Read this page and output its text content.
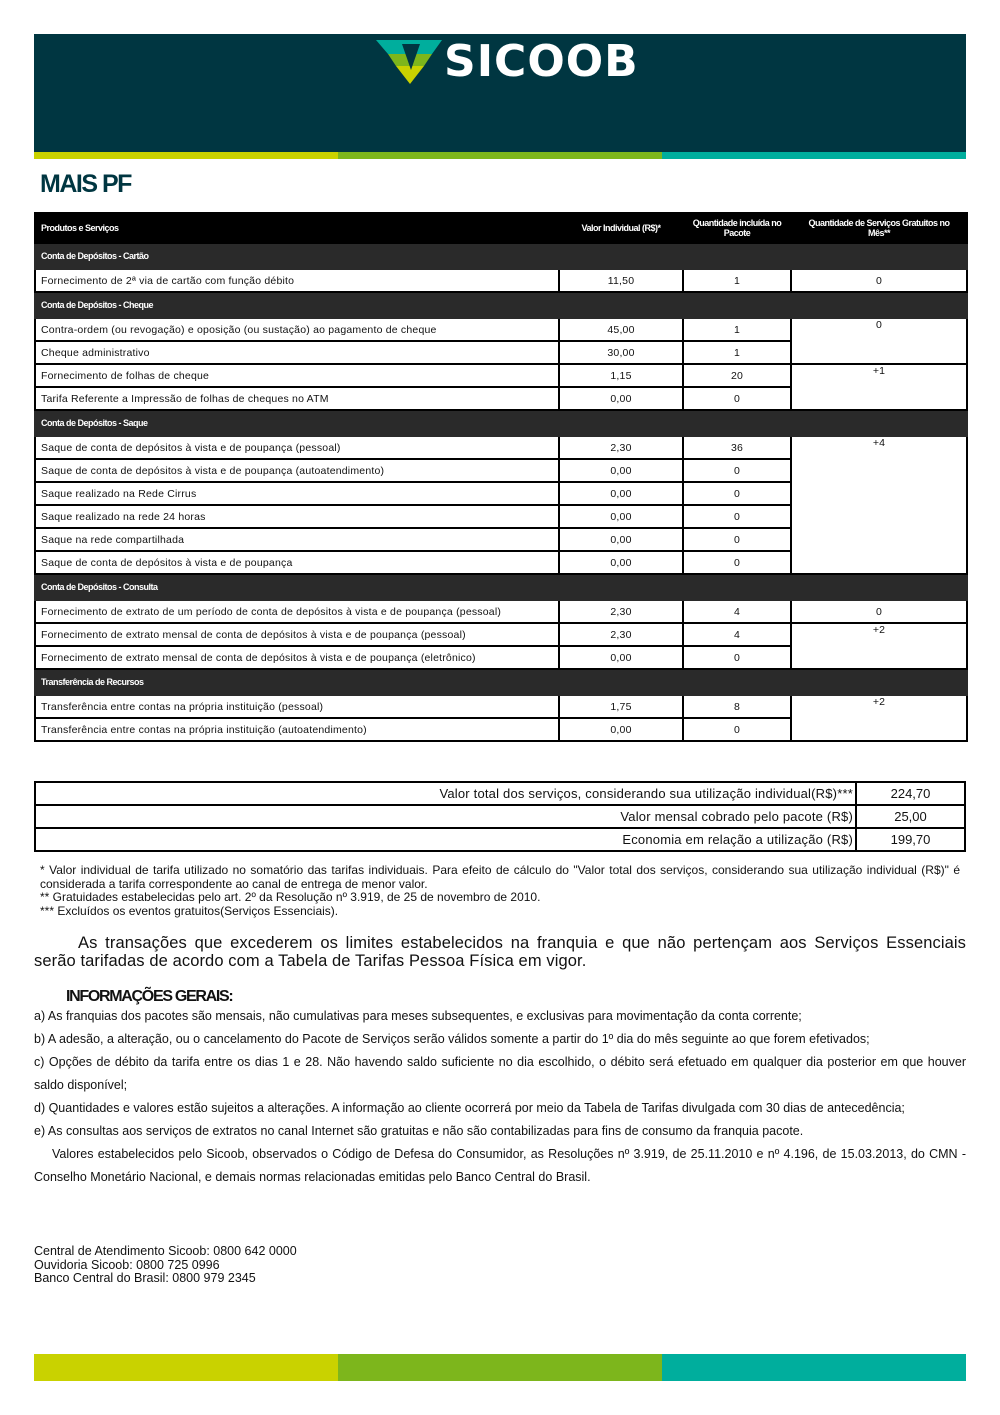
SICOOB
MAIS PF
Produtos e Serviços	Valor Individual (R$)*	Quantidade incluída no Pacote	Quantidade de Serviços Gratuitos no Mês**
Conta de Depósitos - Cartão			
Fornecimento de 2ª via de cartão com função débito	11,50	1	0
Conta de Depósitos - Cheque			
Contra-ordem (ou revogação) e oposição (ou sustação) ao pagamento de cheque	45,00	1	0
Cheque administrativo	30,00	1	
Fornecimento de folhas de cheque	1,15	20	+1
Tarifa Referente a Impressão de folhas de cheques no ATM	0,00	0	
Conta de Depósitos - Saque			
Saque de conta de depósitos à vista e de poupança (pessoal)	2,30	36	+4
Saque de conta de depósitos à vista e de poupança (autoatendimento)	0,00	0	
Saque realizado na Rede Cirrus	0,00	0	
Saque realizado na rede 24 horas	0,00	0	
Saque na rede compartilhada	0,00	0	
Saque de conta de depósitos à vista e de poupança	0,00	0	
Conta de Depósitos - Consulta			
Fornecimento de extrato de um período de conta de depósitos à vista e de poupança (pessoal)	2,30	4	0
Fornecimento de extrato mensal de conta de depósitos à vista e de poupança (pessoal)	2,30	4	+2
Fornecimento de extrato mensal de conta de depósitos à vista e de poupança (eletrônico)	0,00	0	
Transferência de Recursos			
Transferência entre contas na própria instituição (pessoal)	1,75	8	+2
Transferência entre contas na própria instituição (autoatendimento)	0,00	0	
Valor total dos serviços, considerando sua utilização individual(R$)***	224,70
Valor mensal cobrado pelo pacote (R$)	25,00
Economia em relação a utilização (R$)	199,70

* Valor individual de tarifa utilizado no somatório das tarifas individuais. Para efeito de cálculo do "Valor total dos serviços, considerando sua utilização individual (R$)" é considerada a tarifa correspondente ao canal de entrega de menor valor.

** Gratuidades estabelecidas pelo art. 2º da Resolução nº 3.919, de 25 de novembro de 2010.

*** Excluídos os eventos gratuitos(Serviços Essenciais).

As transações que excederem os limites estabelecidos na franquia e que não pertençam aos Serviços Essenciais serão tarifadas de acordo com a Tabela de Tarifas Pessoa Física em vigor.
INFORMAÇÕES GERAIS:

a) As franquias dos pacotes são mensais, não cumulativas para meses subsequentes, e exclusivas para movimentação da conta corrente;

b) A adesão, a alteração, ou o cancelamento do Pacote de Serviços serão válidos somente a partir do 1º dia do mês seguinte ao que forem efetivados;

c) Opções de débito da tarifa entre os dias 1 e 28. Não havendo saldo suficiente no dia escolhido, o débito será efetuado em qualquer dia posterior em que houver saldo disponível;

d) Quantidades e valores estão sujeitos a alterações. A informação ao cliente ocorrerá por meio da Tabela de Tarifas divulgada com 30 dias de antecedência;

e) As consultas aos serviços de extratos no canal Internet são gratuitas e não são contabilizadas para fins de consumo da franquia pacote.

Valores estabelecidos pelo Sicoob, observados o Código de Defesa do Consumidor, as Resoluções nº 3.919, de 25.11.2010 e nº 4.196, de 15.03.2013, do CMN - Conselho Monetário Nacional, e demais normas relacionadas emitidas pelo Banco Central do Brasil.

Central de Atendimento Sicoob: 0800 642 0000
Ouvidoria Sicoob: 0800 725 0996
Banco Central do Brasil: 0800 979 2345
